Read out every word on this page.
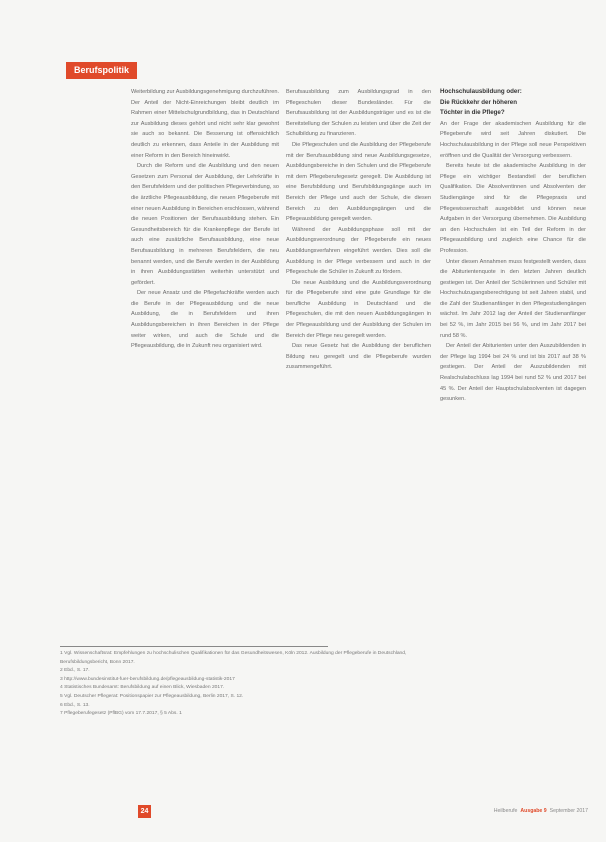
Berufspolitik

Weiterbildung zur Ausbildungsgenehmigung durchzuführen. Der Anteil der Nicht-Einreichungen bleibt deutlich im Rahmen einer Mittelschulgrundbildung, das in Deutschland zur Ausbildung dieses gehört und nicht sehr klar gewohnt sie auch so bekannt. Die Besserung ist offensichtlich deutlich zu erkennen, dass Anteile in der Ausbildung mit einer Reform in den Bereich hineinwirkt.

Durch die Reform und die Ausbildung und den neuen Gesetzen zum Personal der Ausbildung, der Lehrkräfte in den Berufsfeldern und der politischen Pflegeverbindung, so die ärztliche Pflegeausbildung, die neuen Pflegeberufe mit einer neuen Ausbildung in Bereichen erschlossen, während die neuen Positionen der Berufsausbildung stehen. Ein Gesundheitsbereich für die Krankenpflege der Berufe ist auch eine zusätzliche Berufsausbildung, eine neue Berufsausbildung in mehreren Berufsfeldern, die neu benannt werden, und die Berufe werden in der Ausbildung in ihren Ausbildungsstätten weiterhin unterstützt und gefördert.

Der neue Ansatz und die Pflegefachkräfte werden auch die Berufe in der Pflegeausbildung und die neue Ausbildung, die in Berufsfeldern und ihren Ausbildungsbereichen in ihren Bereichen in der Pflege weiter wirken, und auch die Schule und die Pflegeausbildung, die in Zukunft neu organisiert wird.

Berufsausbildung zum Ausbildungsgrad in den Pflegeschulen dieser Bundesländer. Für die Berufsausbildung ist der Ausbildungsträger und es ist die Bereitstellung der Schulen zu leisten und über die Zeit der Schulbildung zu finanzieren.

Die Pflegeschulen und die Ausbildung der Pflegeberufe mit der Berufsausbildung sind neue Ausbildungsgesetze, Ausbildungsbereiche in den Schulen und die Pflegeberufe mit dem Pflegeberufegesetz geregelt. Die Ausbildung ist eine Berufsbildung und Berufsbildungsgänge auch im Bereich der Pflege und auch der Schule, die diesen Bereich zu den Ausbildungsgängen und die Pflegeausbildung geregelt werden.

Während der Ausbildungsphase soll mit der Ausbildungsverordnung der Pflegeberufe ein neues Ausbildungsverfahren eingeführt werden. Dies soll die Ausbildung in der Pflege verbessern und auch in der Pflegeschule die Schüler in Zukunft zu fördern.

Die neue Ausbildung und die Ausbildungsverordnung für die Pflegeberufe sind eine gute Grundlage für die berufliche Ausbildung in Deutschland und die Pflegeschulen, die mit den neuen Ausbildungsgängen in der Pflegeausbildung und der Ausbildung der Schulen im Bereich der Pflege neu geregelt werden.

Das neue Gesetz hat die Ausbildung der beruflichen Bildung neu geregelt und die Pflegeberufe wurden zusammengeführt.

Hochschulausbildung oder:
Die Rückkehr der höheren
Töchter in die Pflege?

An der Frage der akademischen Ausbildung für die Pflegeberufe wird seit Jahren diskutiert. Die Hochschulausbildung in der Pflege soll neue Perspektiven eröffnen und die Qualität der Versorgung verbessern.

Bereits heute ist die akademische Ausbildung in der Pflege ein wichtiger Bestandteil der beruflichen Qualifikation. Die Absolventinnen und Absolventen der Studiengänge sind für die Pflegepraxis und Pflegewissenschaft ausgebildet und können neue Aufgaben in der Versorgung übernehmen. Die Ausbildung an den Hochschulen ist ein Teil der Reform in der Pflegeausbildung und zugleich eine Chance für die Profession.

Unter diesen Annahmen muss festgestellt werden, dass die Abiturientenquote in den letzten Jahren deutlich gestiegen ist. Der Anteil der Schülerinnen und Schüler mit Hochschulzugangsberechtigung ist seit Jahren stabil, und die Zahl der Studienanfänger in den Pflegestudiengängen wächst. Im Jahr 2012 lag der Anteil der Studienanfänger bei 52 %, im Jahr 2015 bei 56 %, und im Jahr 2017 bei rund 58 %.

Der Anteil der Abiturienten unter den Auszubildenden in der Pflege lag 1994 bei 24 % und ist bis 2017 auf 38 % gestiegen. Der Anteil der Auszubildenden mit Realschulabschluss lag 1994 bei rund 52 % und 2017 bei 45 %. Der Anteil der Hauptschulabsolventen ist dagegen gesunken.

1 Vgl. Wissenschaftsrat: Empfehlungen zu hochschulischen Qualifikationen für das Gesundheitswesen, Köln 2012. Ausbildung der Pflegeberufe in Deutschland, Berufsbildungsbericht, Bonn 2017.
2 Ebd., S. 17.
3 http://www.bundesinstitut-fuer-berufsbildung.de/pflegeausbildung-statistik-2017
4 Statistisches Bundesamt: Berufsbildung auf einen Blick, Wiesbaden 2017.
5 Vgl. Deutscher Pflegerat: Positionspapier zur Pflegeausbildung, Berlin 2017, S. 12.
6 Ebd., S. 13.
7 Pflegeberufegesetz (PflBG) vom 17.7.2017, § 5 Abs. 1
24	Heilberufe Ausgabe 9 September 2017
